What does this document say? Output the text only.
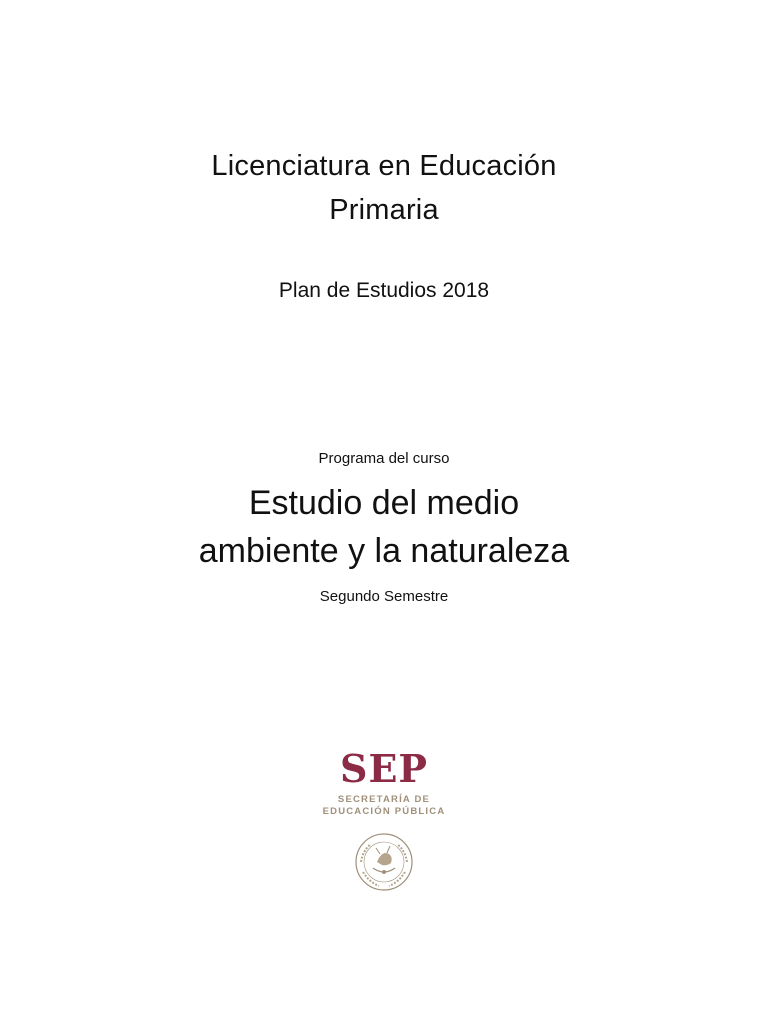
Licenciatura en Educación
Primaria
Plan de Estudios 2018
Programa del curso
Estudio del medio
ambiente y la naturaleza
Segundo Semestre
SEP
SECRETARÍA DE
EDUCACIÓN PÚBLICA
